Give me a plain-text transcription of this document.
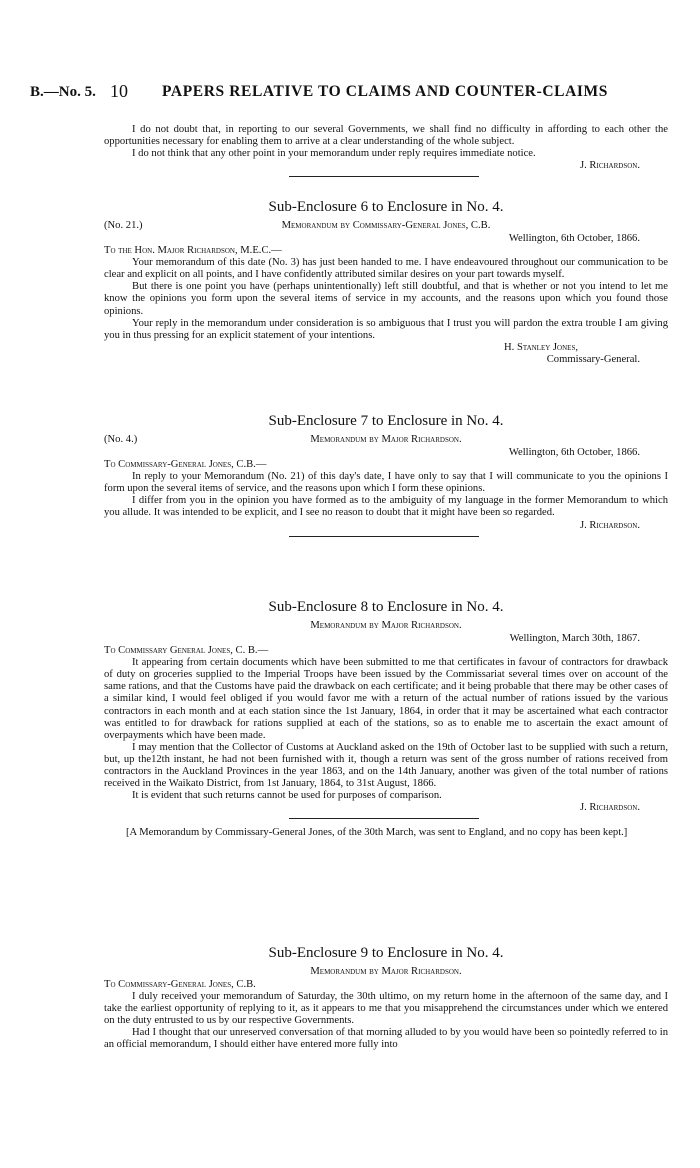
B.—No. 5. 10 PAPERS RELATIVE TO CLAIMS AND COUNTER-CLAIMS

I do not doubt that, in reporting to our several Governments, we shall find no difficulty in affording to each other the opportunities necessary for enabling them to arrive at a clear understanding of the whole subject.

I do not think that any other point in your memorandum under reply requires immediate notice.

J. Richardson.
Sub-Enclosure 6 to Enclosure in No. 4.
(No. 21.)	Memorandum by Commissary-General Jones, C.B.
Wellington, 6th October, 1866.

To the Hon. Major Richardson, M.E.C.—

Your memorandum of this date (No. 3) has just been handed to me. I have endeavoured throughout our communication to be clear and explicit on all points, and I have confidently attributed similar desires on your part towards myself.

But there is one point you have (perhaps unintentionally) left still doubtful, and that is whether or not you intend to let me know the opinions you form upon the several items of service in my accounts, and the reasons upon which you found those opinions.

Your reply in the memorandum under consideration is so ambiguous that I trust you will pardon the extra trouble I am giving you in thus pressing for an explicit statement of your intentions.

H. Stanley Jones,
Commissary-General.
Sub-Enclosure 7 to Enclosure in No. 4.
(No. 4.)	Memorandum by Major Richardson.
Wellington, 6th October, 1866.

To Commissary-General Jones, C.B.—

In reply to your Memorandum (No. 21) of this day's date, I have only to say that I will communicate to you the opinions I form upon the several items of service, and the reasons upon which I form these opinions.

I differ from you in the opinion you have formed as to the ambiguity of my language in the former Memorandum to which you allude. It was intended to be explicit, and I see no reason to doubt that it might have been so regarded.

J. Richardson.
Sub-Enclosure 8 to Enclosure in No. 4.
Memorandum by Major Richardson.
Wellington, March 30th, 1867.

To Commissary General Jones, C. B.—

It appearing from certain documents which have been submitted to me that certificates in favour of contractors for drawback of duty on groceries supplied to the Imperial Troops have been issued by the Commissariat several times over on account of the same rations, and that the Customs have paid the drawback on each certificate; and it being probable that there may be other cases of a similar kind, I would feel obliged if you would favor me with a return of the actual number of rations issued by the various contractors in each month and at each station since the 1st January, 1864, in order that it may be ascertained what each contractor was entitled to for drawback for rations supplied at each of the stations, so as to enable me to ascertain the exact amount of overpayments which have been made.

I may mention that the Collector of Customs at Auckland asked on the 19th of October last to be supplied with such a return, but, up the12th instant, he had not been furnished with it, though a return was sent of the gross number of rations received from contractors in the Auckland Provinces in the year 1863, and on the 14th January, another was given of the total number of rations received in the Waikato District, from 1st January, 1864, to 31st August, 1866.

It is evident that such returns cannot be used for purposes of comparison.

J. Richardson.

[A Memorandum by Commissary-General Jones, of the 30th March, was sent to England, and no copy has been kept.]

Sub-Enclosure 9 to Enclosure in No. 4.
Memorandum by Major Richardson.

To Commissary-General Jones, C.B.

I duly received your memorandum of Saturday, the 30th ultimo, on my return home in the afternoon of the same day, and I take the earliest opportunity of replying to it, as it appears to me that you misapprehend the circumstances under which we entered on the duty entrusted to us by our respective Governments.

Had I thought that our unreserved conversation of that morning alluded to by you would have been so pointedly referred to in an official memorandum, I should either have entered more fully into
